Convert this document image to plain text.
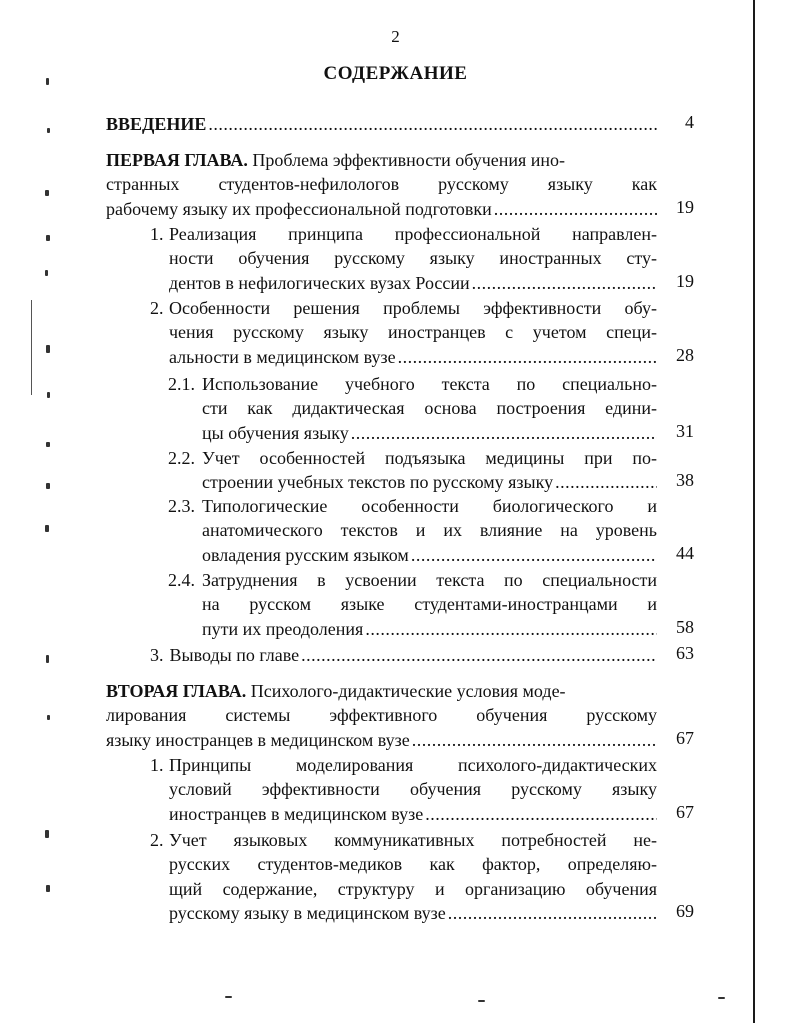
2
СОДЕРЖАНИЕ
ВВЕДЕНИЕ .....	4
ПЕРВАЯ ГЛАВА. Проблема эффективности обучения ино-
странных студентов-нефилологов русскому языку как
рабочему языку их профессиональной подготовки .....	19
1. Реализация принципа профессиональной направлен-
ности обучения русскому языку иностранных сту-
дентов в нефилогических вузах России .....	19
2. Особенности решения проблемы эффективности обу-
чения русскому языку иностранцев с учетом специ-
альности в медицинском вузе .....	28
2.1. Использование учебного текста по специально-
сти как дидактическая основа построения едини-
цы обучения языку .....	31
2.2. Учет особенностей подъязыка медицины при по-
строении учебных текстов по русскому языку .....	38
2.3. Типологические особенности биологического и
анатомического текстов и их влияние на уровень
овладения русским языком .....	44
2.4. Затруднения в усвоении текста по специальности
на русском языке студентами-иностранцами и
пути их преодоления .....	58
3. Выводы по главе .....	63
ВТОРАЯ ГЛАВА. Психолого-дидактические условия моде-
лирования системы эффективного обучения русскому
языку иностранцев в медицинском вузе .....	67
1. Принципы моделирования психолого-дидактических
условий эффективности обучения русскому языку
иностранцев в медицинском вузе .....	67
2. Учет языковых коммуникативных потребностей не-
русских студентов-медиков как фактор, определяю-
щий содержание, структуру и организацию обучения
русскому языку в медицинском вузе .....	69
